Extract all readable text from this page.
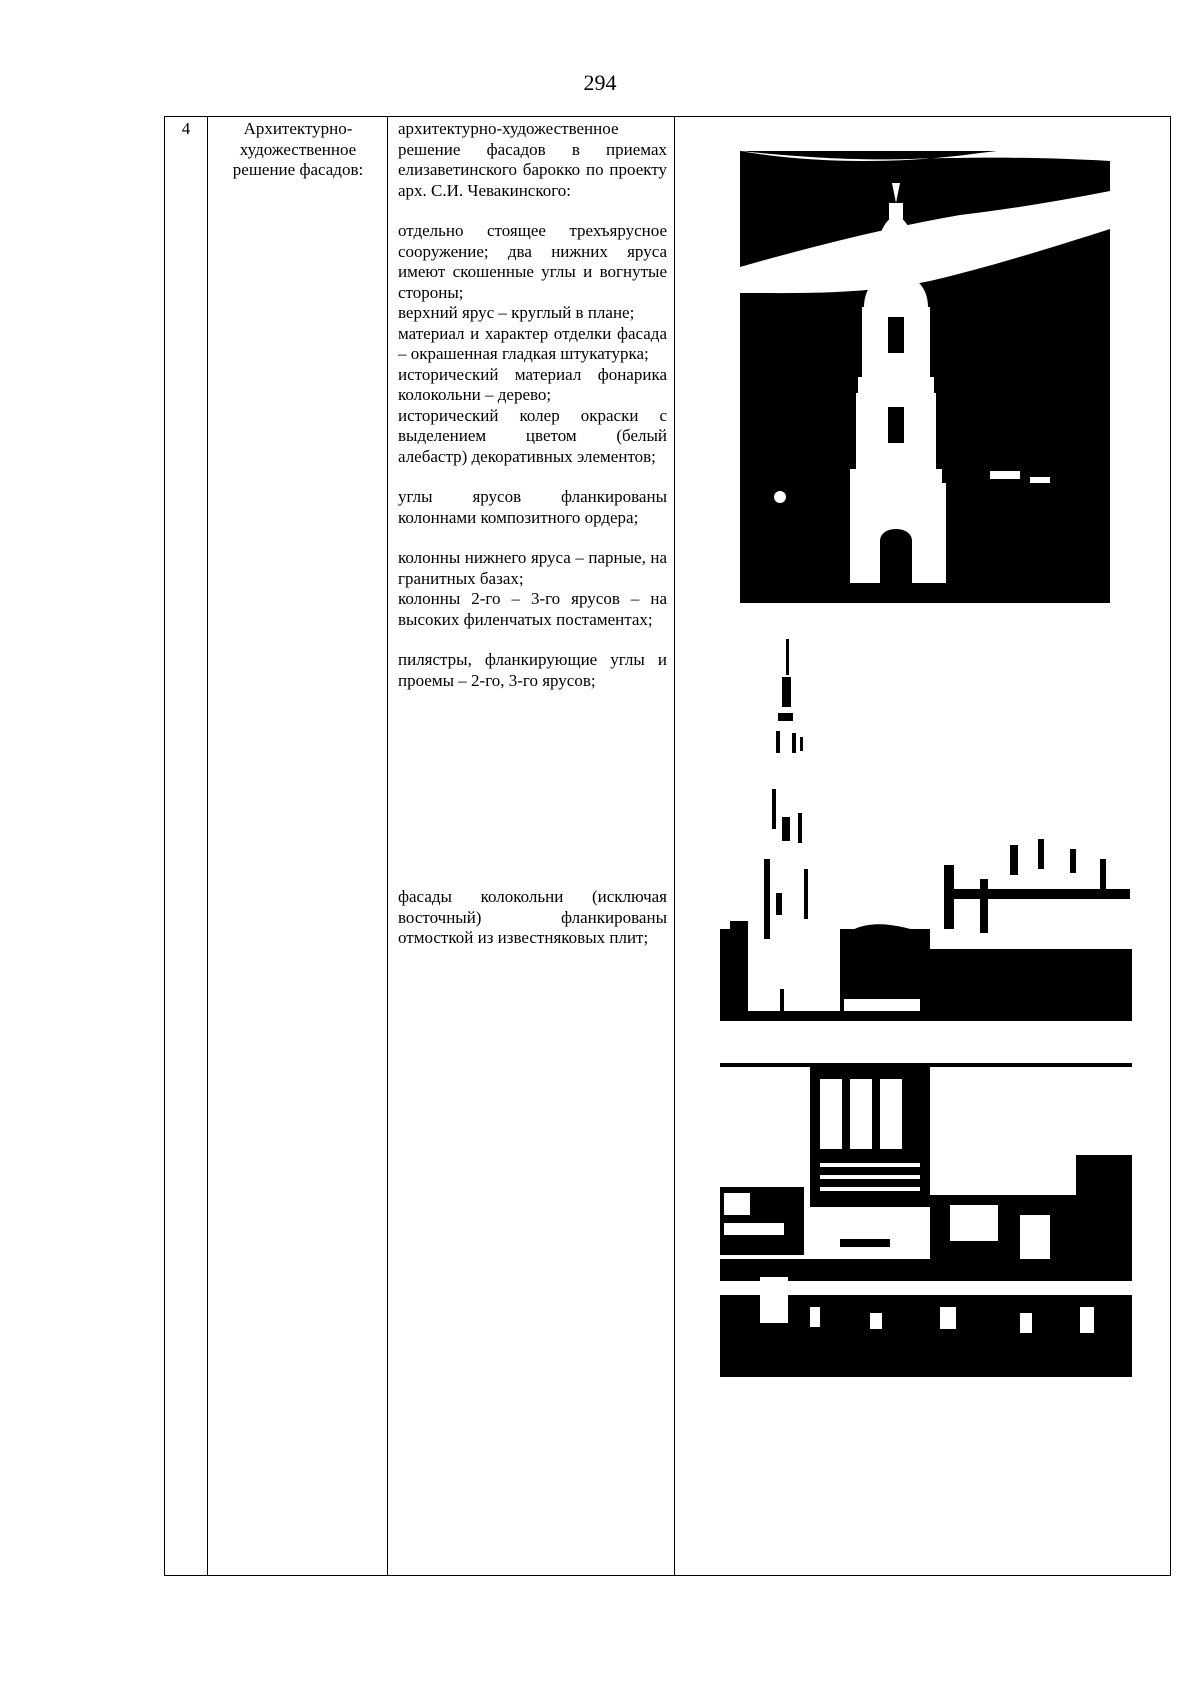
294
4	Архитектурно-художественное решение фасадов:

архитектурно-художественное решение фасадов в приемах елизаветинского барокко по проекту арх. С.И. Чевакинского:

отдельно стоящее трехъярусное сооружение; два нижних яруса имеют скошенные углы и вогнутые стороны;

верхний ярус – круглый в плане;

материал и характер отделки фасада – окрашенная гладкая штукатурка;

исторический материал фонарика колокольни – дерево;

исторический колер окраски с выделением цветом (белый алебастр) декоративных элементов;

углы ярусов фланкированы колоннами композитного ордера;

колонны нижнего яруса – парные, на гранитных базах;

колонны 2-го – 3-го ярусов – на высоких филенчатых постаментах;

пилястры, фланкирующие углы и проемы – 2-го, 3-го ярусов;

фасады колокольни (исключая восточный) фланкированы отмосткой из известняковых плит;
